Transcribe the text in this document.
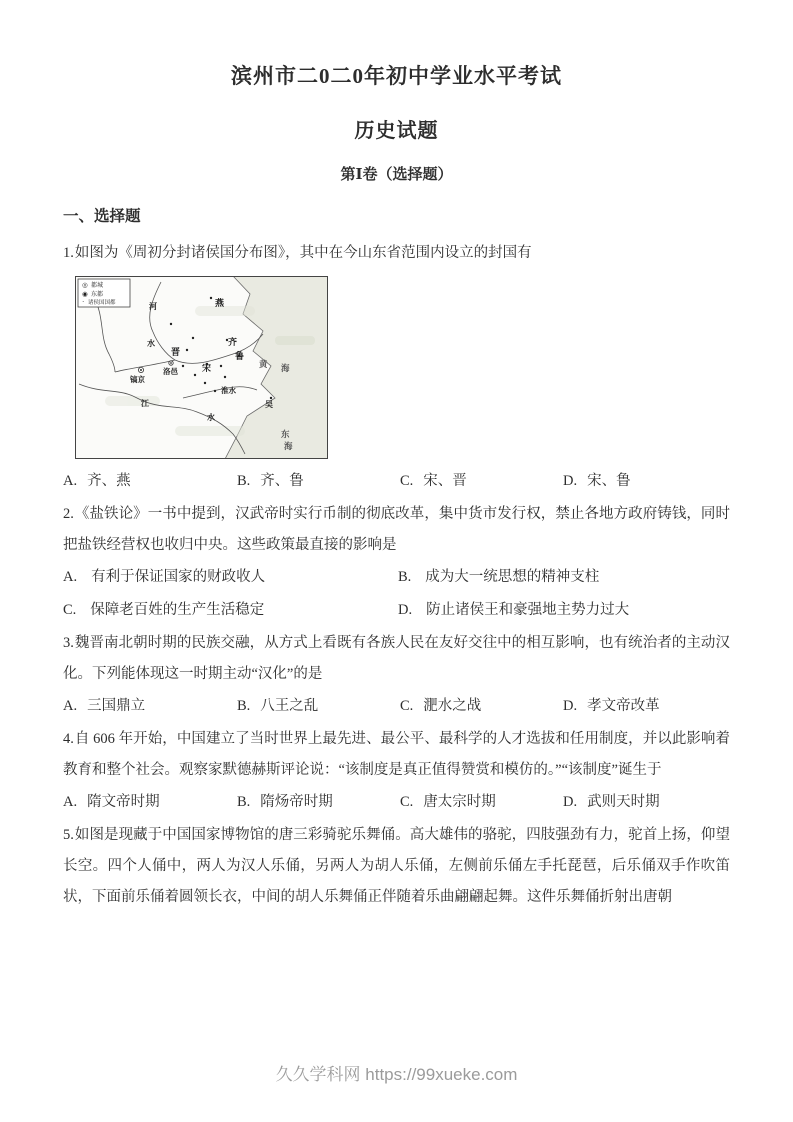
滨州市二0二0年初中学业水平考试
历史试题
第Ⅰ卷（选择题）
一、选择题

1.如图为《周初分封诸侯国分布图》，其中在今山东省范围内设立的封国有

燕
齐
鲁
宋
晋
吴
镐京
洛邑
河
水
江
水
淮水
黄 海
东
海
◎ 都城
◉ 东都
· 诸侯国国都
A. 齐、燕	B. 齐、鲁	C. 宋、晋	D. 宋、鲁

2.《盐铁论》一书中提到，汉武帝时实行币制的彻底改革，集中货市发行权，禁止各地方政府铸钱，同时把盐铁经营权也收归中央。这些政策最直接的影响是

A. 有利于保证国家的财政收人	B. 成为大一统思想的精神支柱
C. 保障老百姓的生产生活稳定	D. 防止诸侯王和豪强地主势力过大

3.魏晋南北朝时期的民族交融，从方式上看既有各族人民在友好交往中的相互影响，也有统治者的主动汉化。下列能体现这一时期主动“汉化”的是

A. 三国鼎立	B. 八王之乱	C. 淝水之战	D. 孝文帝改革

4.自 606 年开始，中国建立了当时世界上最先进、最公平、最科学的人才选拔和任用制度，并以此影响着教育和整个社会。观察家默德赫斯评论说：“该制度是真正值得赞赏和模仿的。”“该制度”诞生于

A. 隋文帝时期	B. 隋炀帝时期	C. 唐太宗时期	D. 武则天时期

5.如图是现藏于中国国家博物馆的唐三彩骑驼乐舞俑。高大雄伟的骆驼，四肢强劲有力，驼首上扬，仰望长空。四个人俑中，两人为汉人乐俑，另两人为胡人乐俑，左侧前乐俑左手托琵琶，后乐俑双手作吹笛状，下面前乐俑着圆领长衣，中间的胡人乐舞俑正伴随着乐曲翩翩起舞。这件乐舞俑折射出唐朝

久久学科网 https://99xueke.com
